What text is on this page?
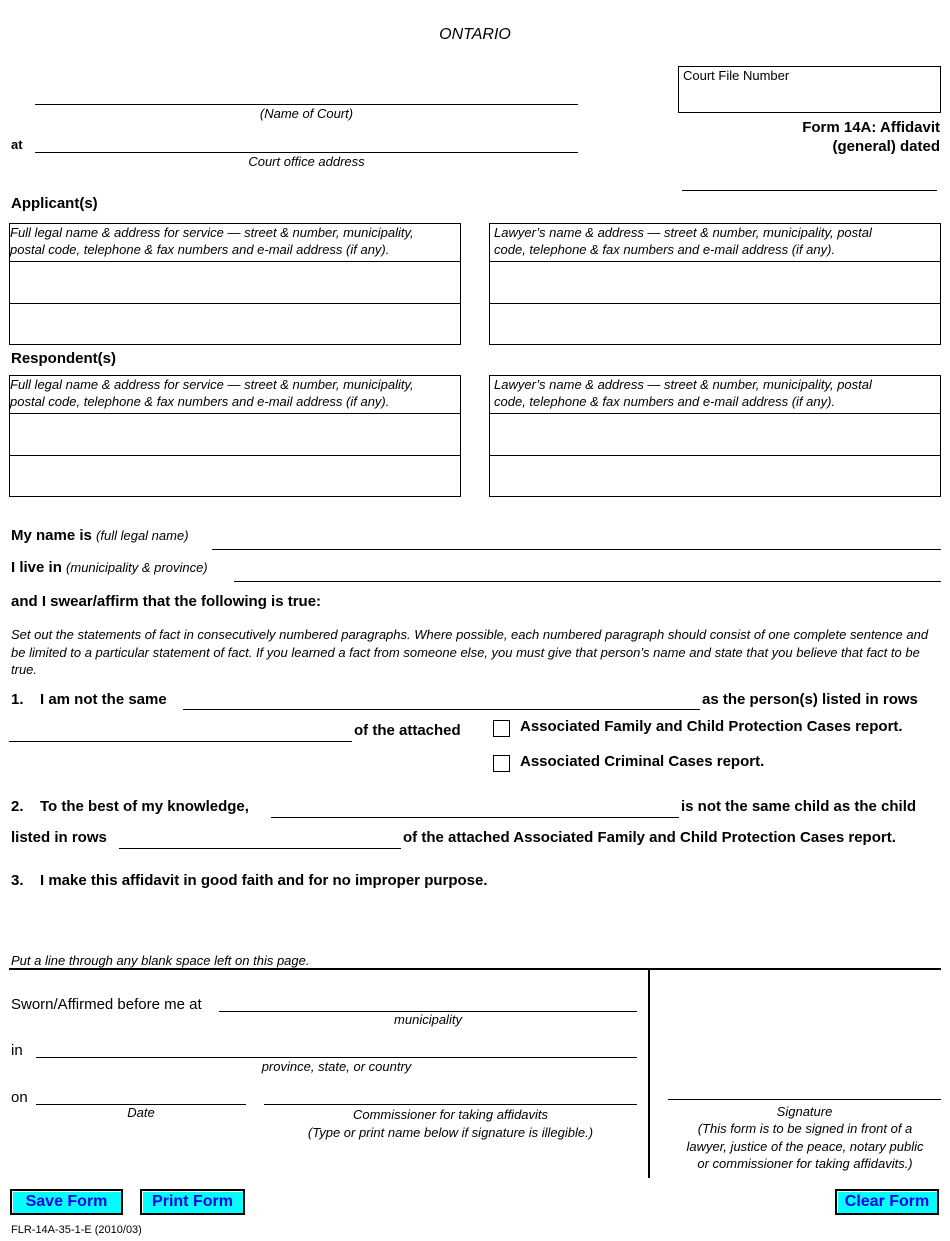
ONTARIO
(Name of Court)
at
Court office address
Court File Number
Form 14A: Affidavit
(general) dated
Applicant(s)
Full legal name & address for service — street & number, municipality,
postal code, telephone & fax numbers and e-mail address (if any).
Lawyer’s name & address — street & number, municipality, postal
code, telephone & fax numbers and e-mail address (if any).
Respondent(s)
Full legal name & address for service — street & number, municipality,
postal code, telephone & fax numbers and e-mail address (if any).
Lawyer’s name & address — street & number, municipality, postal
code, telephone & fax numbers and e-mail address (if any).
My name is (full legal name)
I live in (municipality & province)
and I swear/affirm that the following is true:
Set out the statements of fact in consecutively numbered paragraphs. Where possible, each numbered paragraph should consist of one complete sentence and be limited to a particular statement of fact. If you learned a fact from someone else, you must give that person’s name and state that you believe that fact to be true.
1. I am not the same	as the person(s) listed in rows
of the attached	Associated Family and Child Protection Cases report.
Associated Criminal Cases report.
2. To the best of my knowledge,	is not the same child as the child
listed in rows	of the attached Associated Family and Child Protection Cases report.
3. I make this affidavit in good faith and for no improper purpose.
Put a line through any blank space left on this page.
Sworn/Affirmed before me at
municipality
in
province, state, or country
on
Date	Commissioner for taking affidavits
(Type or print name below if signature is illegible.)
Signature
(This form is to be signed in front of a
lawyer, justice of the peace, notary public
or commissioner for taking affidavits.)
Save Form	Print Form	Clear Form
FLR-14A-35-1-E (2010/03)
